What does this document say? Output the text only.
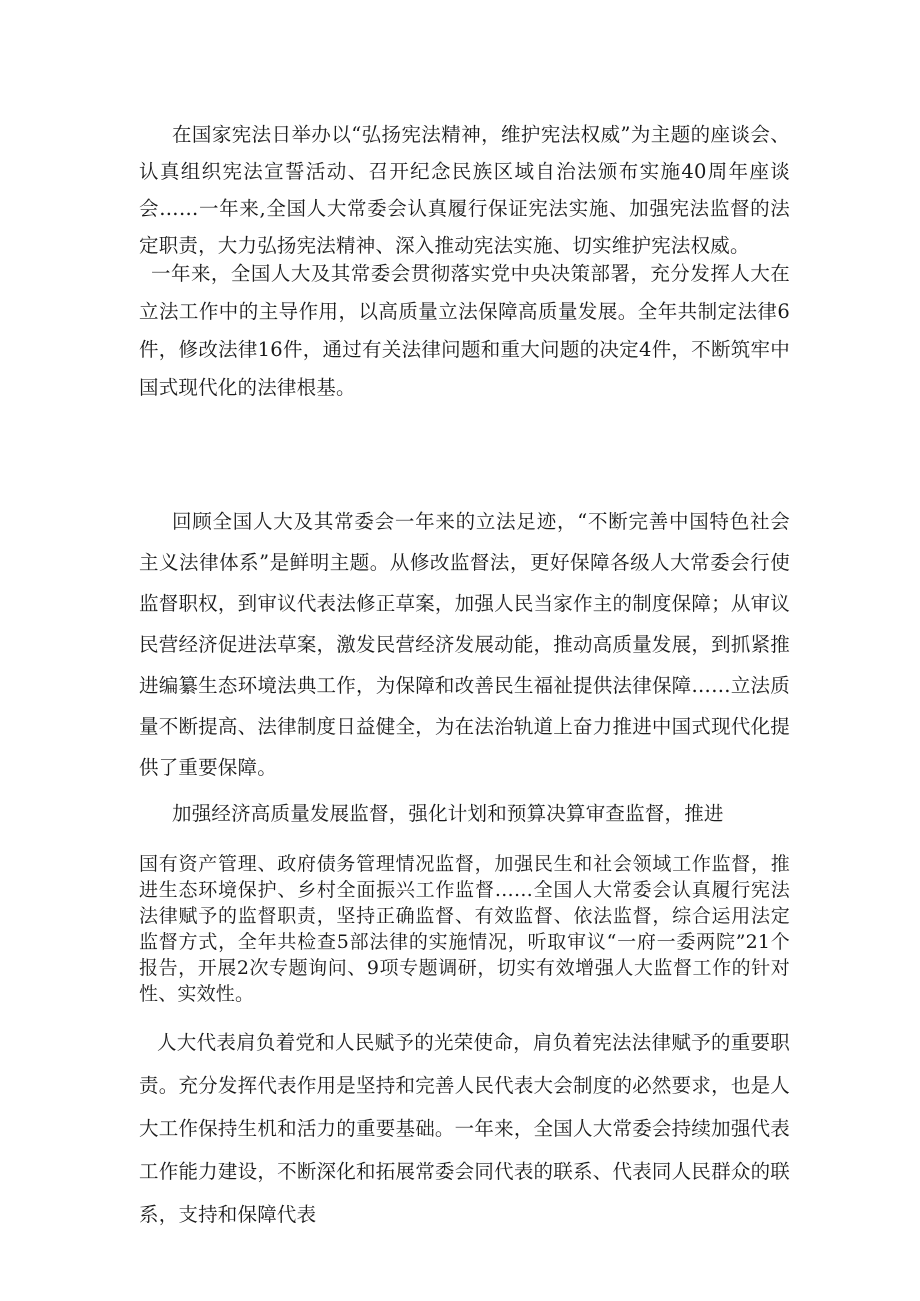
在国家宪法日举办以“弘扬宪法精神，维护宪法权威”为主题的座谈会、认真组织宪法宣誓活动、召开纪念民族区域自治法颁布实施40周年座谈会……一年来,全国人大常委会认真履行保证宪法实施、加强宪法监督的法定职责，大力弘扬宪法精神、深入推动宪法实施、切实维护宪法权威。

一年来，全国人大及其常委会贯彻落实党中央决策部署，充分发挥人大在立法工作中的主导作用，以高质量立法保障高质量发展。全年共制定法律6件，修改法律16件，通过有关法律问题和重大问题的决定4件，不断筑牢中国式现代化的法律根基。

回顾全国人大及其常委会一年来的立法足迹，“不断完善中国特色社会主义法律体系”是鲜明主题。从修改监督法，更好保障各级人大常委会行使监督职权，到审议代表法修正草案，加强人民当家作主的制度保障；从审议民营经济促进法草案，激发民营经济发展动能，推动高质量发展，到抓紧推进编纂生态环境法典工作，为保障和改善民生福祉提供法律保障……立法质量不断提高、法律制度日益健全，为在法治轨道上奋力推进中国式现代化提供了重要保障。

加强经济高质量发展监督，强化计划和预算决算审查监督，推进

国有资产管理、政府债务管理情况监督，加强民生和社会领域工作监督，推进生态环境保护、乡村全面振兴工作监督……全国人大常委会认真履行宪法法律赋予的监督职责，坚持正确监督、有效监督、依法监督，综合运用法定监督方式，全年共检查5部法律的实施情况，听取审议“一府一委两院”21个报告，开展2次专题询问、9项专题调研，切实有效增强人大监督工作的针对性、实效性。

人大代表肩负着党和人民赋予的光荣使命，肩负着宪法法律赋予的重要职责。充分发挥代表作用是坚持和完善人民代表大会制度的必然要求，也是人大工作保持生机和活力的重要基础。一年来，全国人大常委会持续加强代表工作能力建设，不断深化和拓展常委会同代表的联系、代表同人民群众的联系，支持和保障代表
